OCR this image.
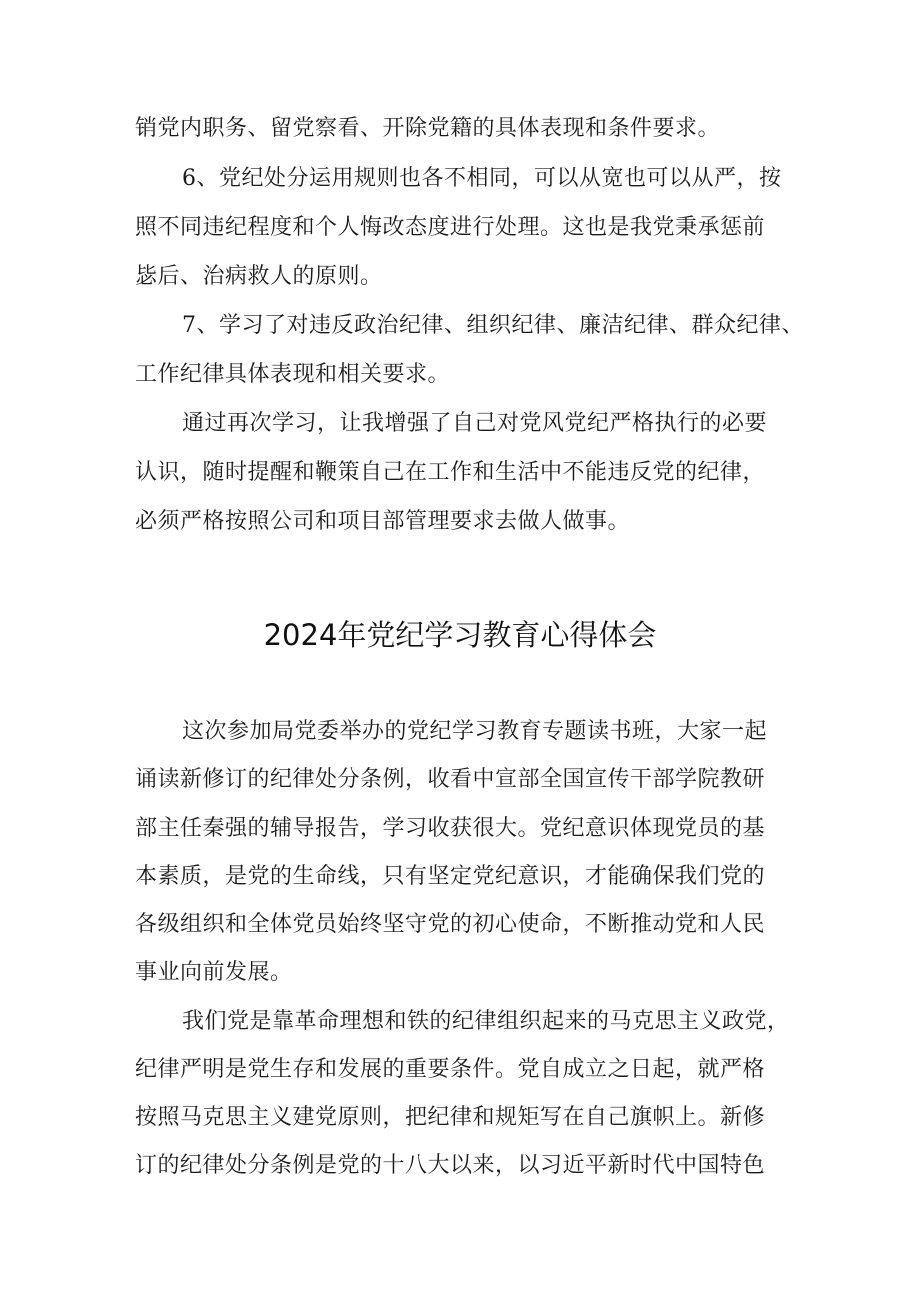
销党内职务、留党察看、开除党籍的具体表现和条件要求。

6、党纪处分运用规则也各不相同，可以从宽也可以从严，按

照不同违纪程度和个人悔改态度进行处理。这也是我党秉承惩前

毖后、治病救人的原则。

7、学习了对违反政治纪律、组织纪律、廉洁纪律、群众纪律、

工作纪律具体表现和相关要求。

通过再次学习，让我增强了自己对党风党纪严格执行的必要

认识，随时提醒和鞭策自己在工作和生活中不能违反党的纪律，

必须严格按照公司和项目部管理要求去做人做事。

2024年党纪学习教育心得体会

这次参加局党委举办的党纪学习教育专题读书班，大家一起

诵读新修订的纪律处分条例，收看中宣部全国宣传干部学院教研

部主任秦强的辅导报告，学习收获很大。党纪意识体现党员的基

本素质，是党的生命线，只有坚定党纪意识，才能确保我们党的

各级组织和全体党员始终坚守党的初心使命，不断推动党和人民

事业向前发展。

我们党是靠革命理想和铁的纪律组织起来的马克思主义政党，

纪律严明是党生存和发展的重要条件。党自成立之日起，就严格

按照马克思主义建党原则，把纪律和规矩写在自己旗帜上。新修

订的纪律处分条例是党的十八大以来，以习近平新时代中国特色
